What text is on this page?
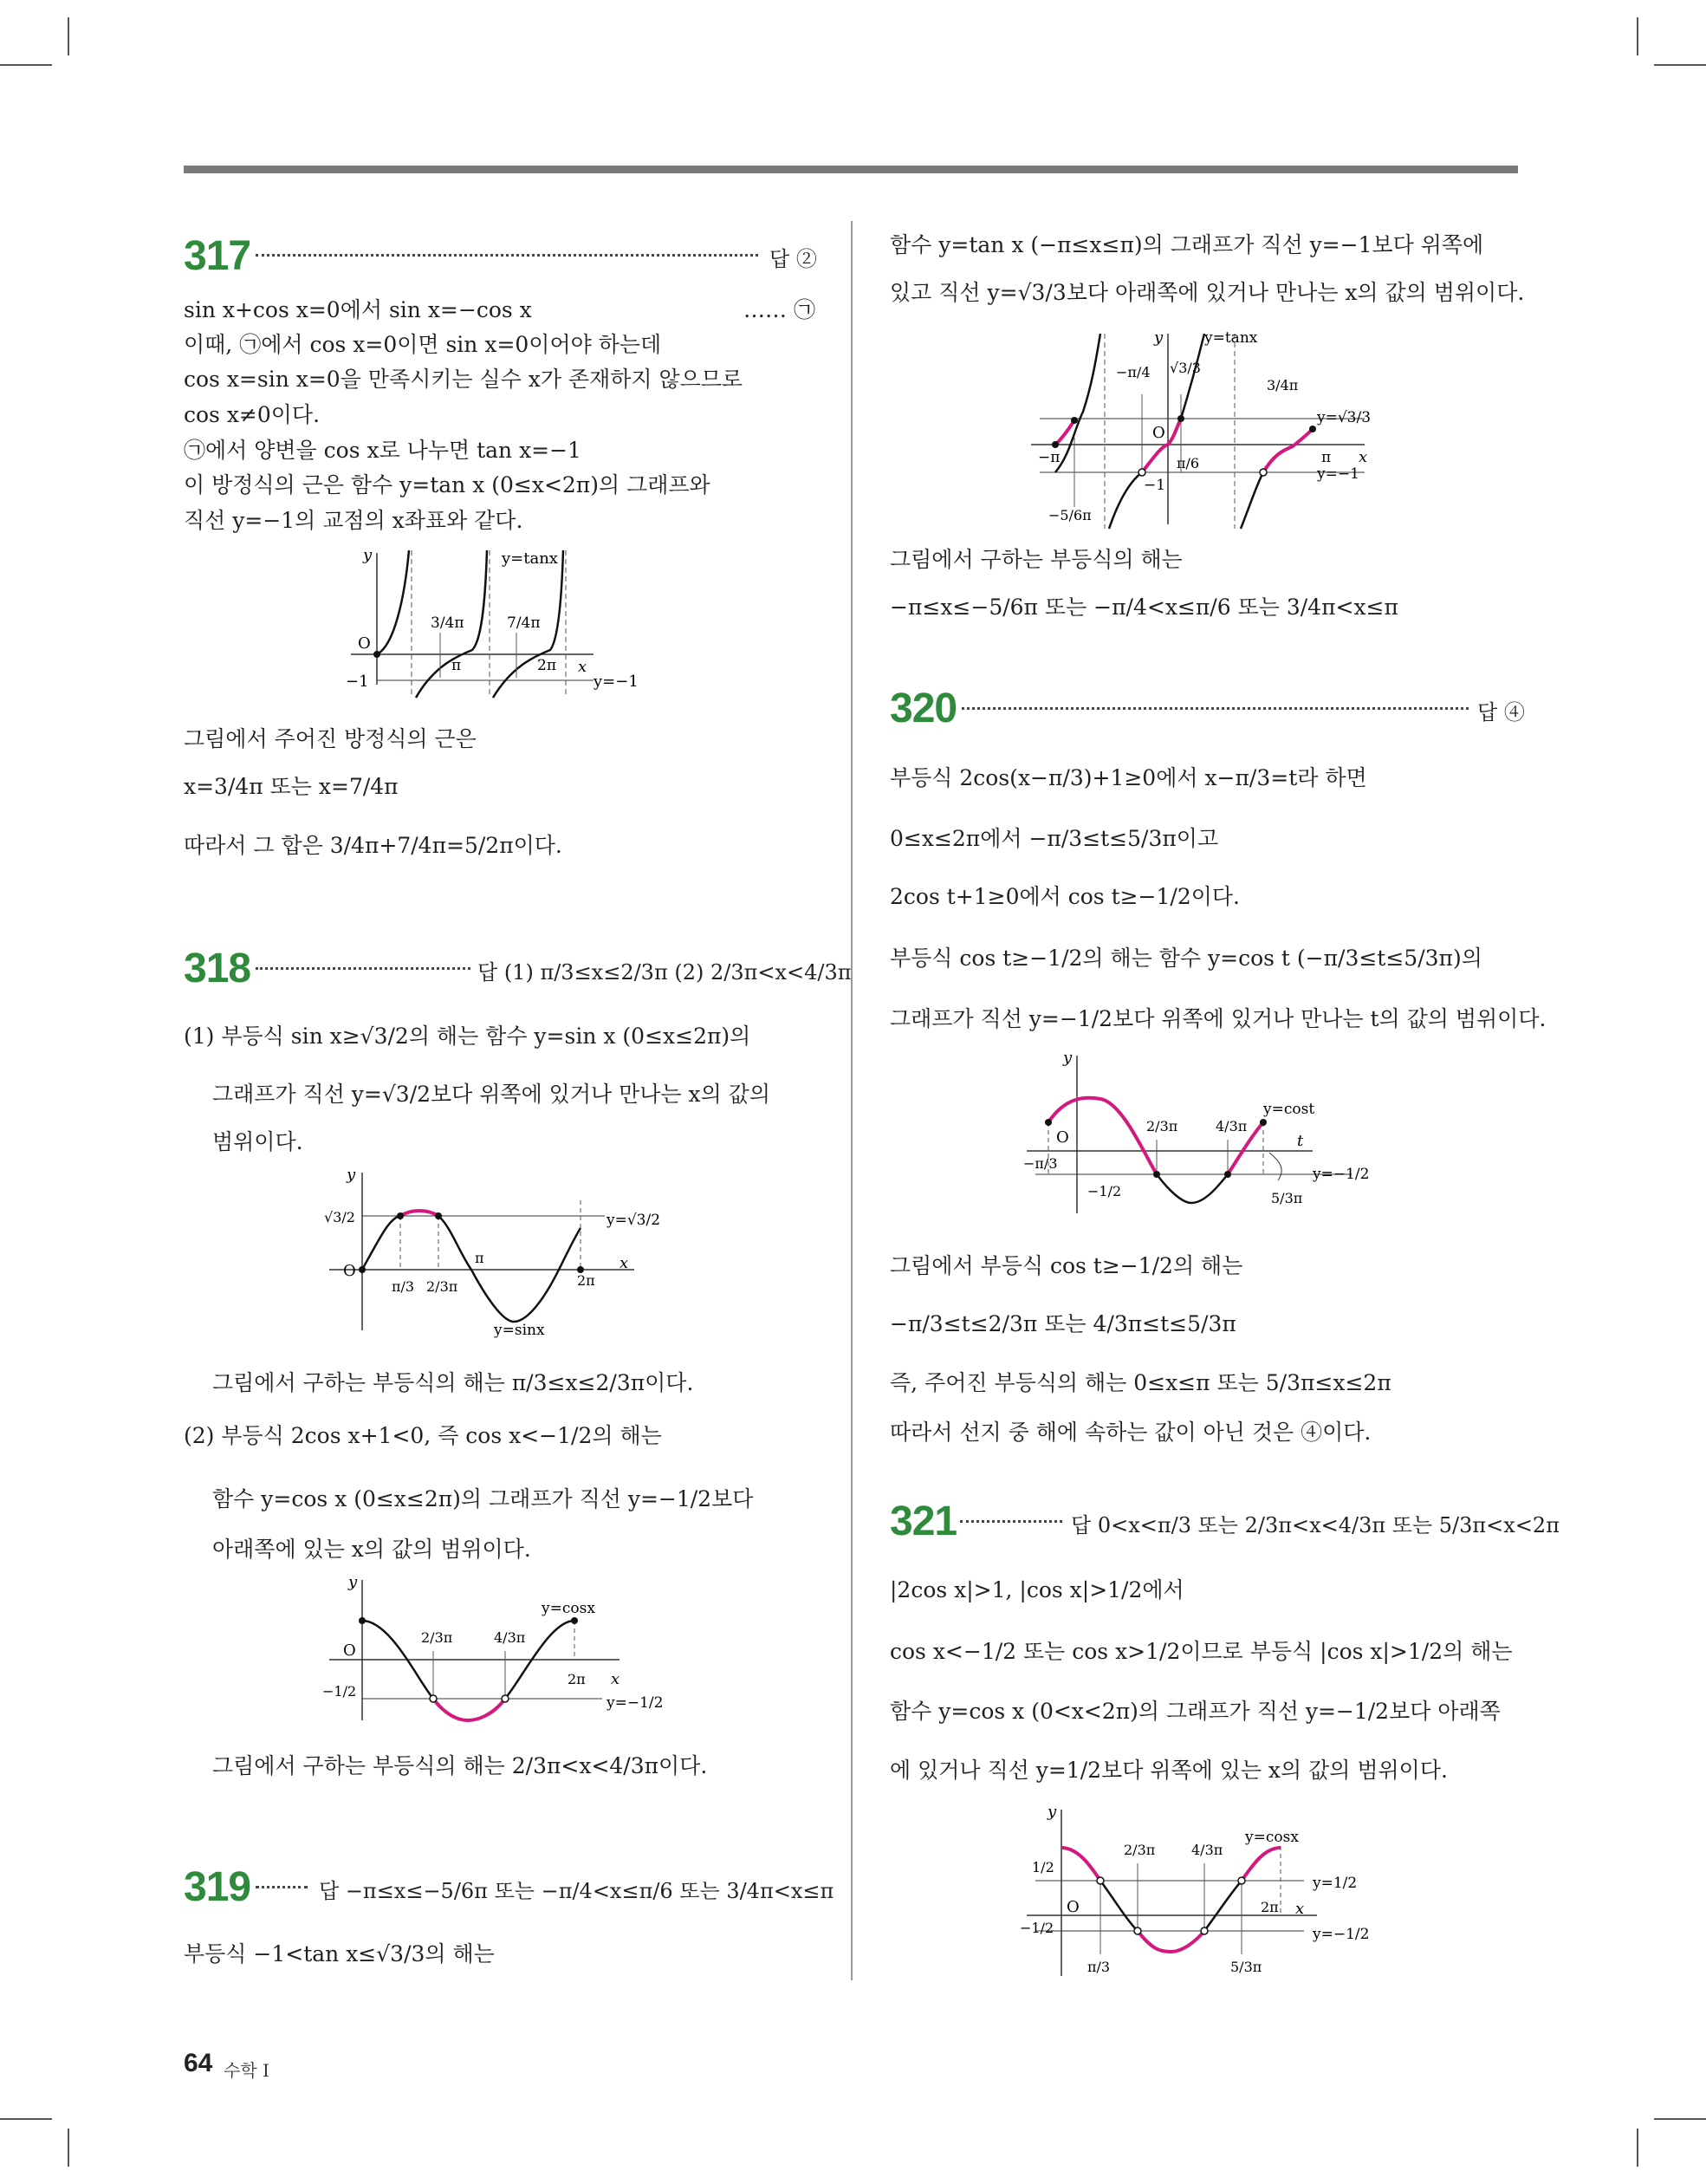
317	답 ②
sin x+cos x=0에서 sin x=−cos x	…… ㉠
이때, ㉠에서 cos x=0이면 sin x=0이어야 하는데
cos x=sin x=0을 만족시키는 실수 x가 존재하지 않으므로
cos x≠0이다.
㉠에서 양변을 cos x로 나누면 tan x=−1
이 방정식의 근은 함수 y=tan x (0≤x<2π)의 그래프와
직선 y=−1의 교점의 x좌표와 같다.
y
x
O
−1
3/4π
π
7/4π
2π
y=tanx
y=−1
그림에서 주어진 방정식의 근은
x=3/4π 또는 x=7/4π
따라서 그 합은 3/4π+7/4π=5/2π이다.
318	답 (1) π/3≤x≤2/3π (2) 2/3π<x<4/3π
(1) 부등식 sin x≥√3/2의 해는 함수 y=sin x (0≤x≤2π)의
그래프가 직선 y=√3/2보다 위쪽에 있거나 만나는 x의 값의
범위이다.
y
x
O
√3/2
π/3 2/3π
π
2π
y=sinx
y=√3/2
그림에서 구하는 부등식의 해는 π/3≤x≤2/3π이다.
(2) 부등식 2cos x+1<0, 즉 cos x<−1/2의 해는
함수 y=cos x (0≤x≤2π)의 그래프가 직선 y=−1/2보다
아래쪽에 있는 x의 값의 범위이다.
y
x
O
−1/2
2/3π	4/3π
2π
y=cosx
y=−1/2
그림에서 구하는 부등식의 해는 2/3π<x<4/3π이다.
319	답 −π≤x≤−5/6π 또는 −π/4<x≤π/6 또는 3/4π<x≤π
부등식 −1<tan x≤√3/3의 해는
함수 y=tan x (−π≤x≤π)의 그래프가 직선 y=−1보다 위쪽에
있고 직선 y=√3/3보다 아래쪽에 있거나 만나는 x의 값의 범위이다.
y
x
O
−π	π
−π/4 √3/3
3/4π
π/6
−1
−5/6π
y=tanx
y=√3/3
y=−1
그림에서 구하는 부등식의 해는
−π≤x≤−5/6π 또는 −π/4<x≤π/6 또는 3/4π<x≤π
320	답 ④
부등식 2cos(x−π/3)+1≥0에서 x−π/3=t라 하면
0≤x≤2π에서 −π/3≤t≤5/3π이고
2cos t+1≥0에서 cos t≥−1/2이다.
부등식 cos t≥−1/2의 해는 함수 y=cos t (−π/3≤t≤5/3π)의
그래프가 직선 y=−1/2보다 위쪽에 있거나 만나는 t의 값의 범위이다.
y
t
O
2/3π	4/3π
−π/3
−1/2	5/3π
y=cost
y=−1/2
그림에서 부등식 cos t≥−1/2의 해는
−π/3≤t≤2/3π 또는 4/3π≤t≤5/3π
즉, 주어진 부등식의 해는 0≤x≤π 또는 5/3π≤x≤2π
따라서 선지 중 해에 속하는 값이 아닌 것은 ④이다.
321	답 0<x<π/3 또는 2/3π<x<4/3π 또는 5/3π<x<2π
|2cos x|>1, |cos x|>1/2에서
cos x<−1/2 또는 cos x>1/2이므로 부등식 |cos x|>1/2의 해는
함수 y=cos x (0<x<2π)의 그래프가 직선 y=−1/2보다 아래쪽
에 있거나 직선 y=1/2보다 위쪽에 있는 x의 값의 범위이다.
y
x
O
1/2
−1/2
2/3π	4/3π
π/3	5/3π
2π
y=cosx
y=1/2
y=−1/2
64 수학 I
